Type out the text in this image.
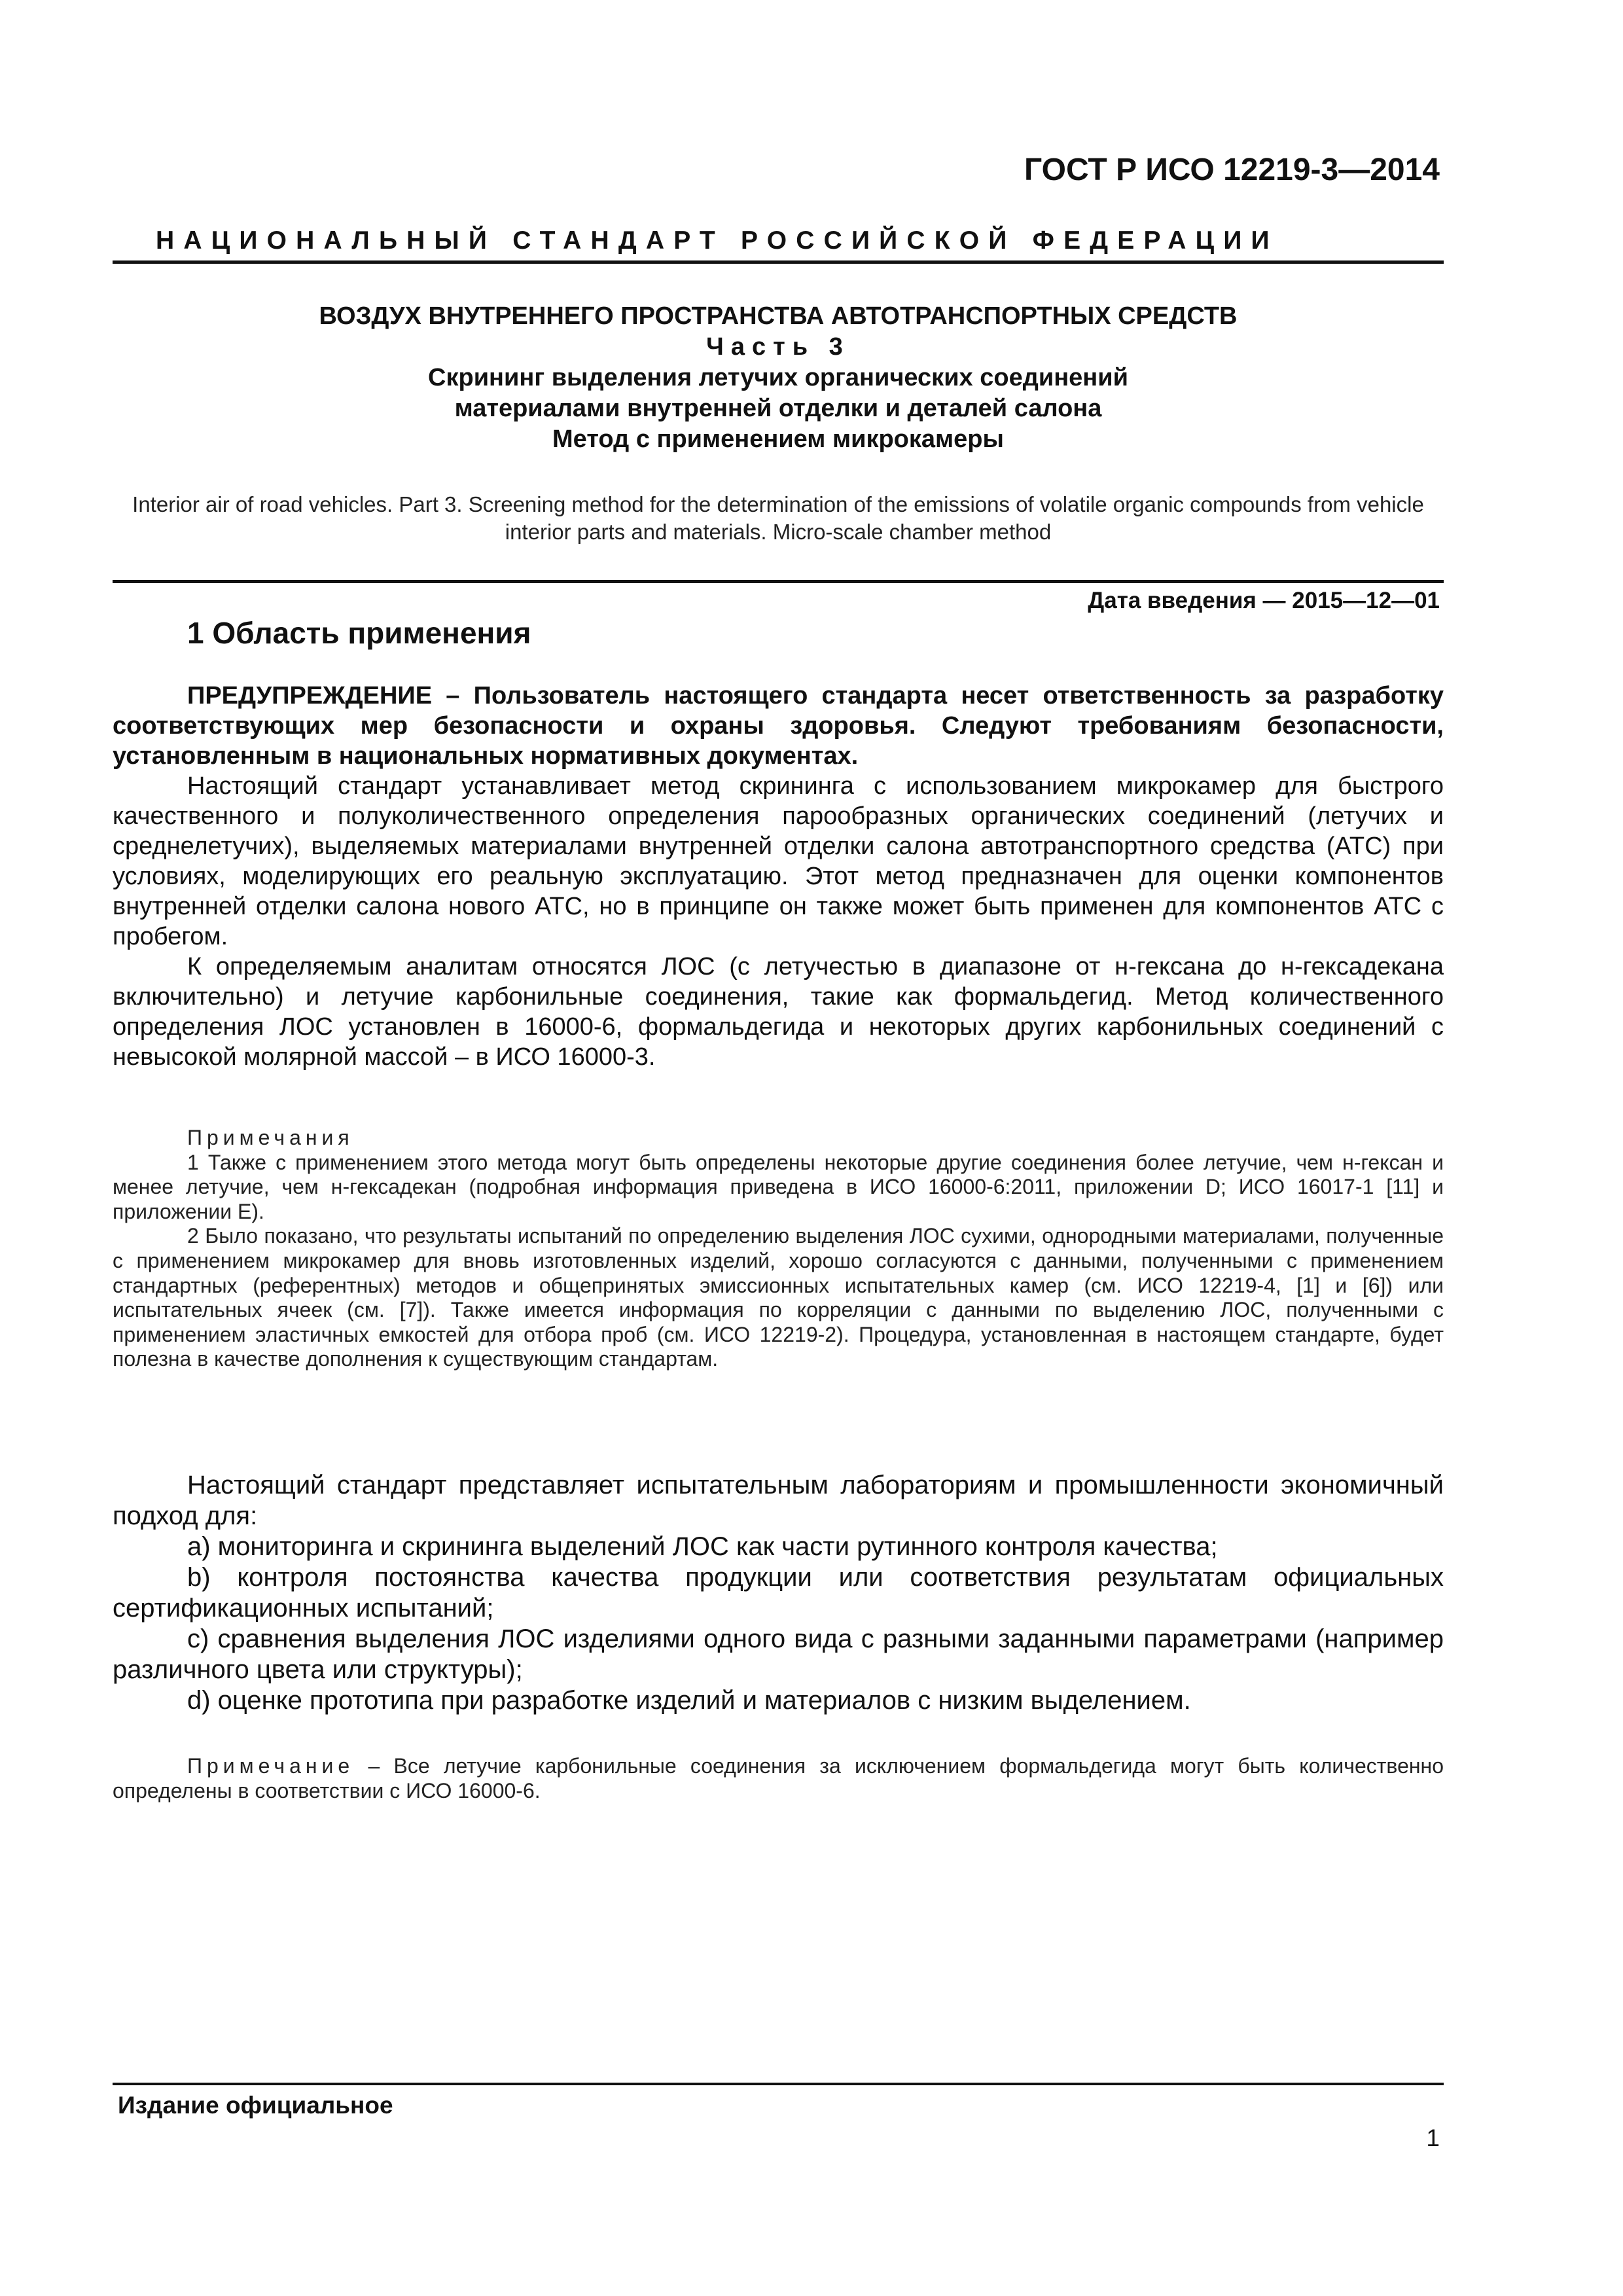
ГОСТ Р ИСО 12219-3—2014
НАЦИОНАЛЬНЫЙ СТАНДАРТ РОССИЙСКОЙ ФЕДЕРАЦИИ
ВОЗДУХ ВНУТРЕННЕГО ПРОСТРАНСТВА АВТОТРАНСПОРТНЫХ СРЕДСТВ
Часть 3
Скрининг выделения летучих органических соединений
материалами внутренней отделки и деталей салона
Метод с применением микрокамеры
Interior air of road vehicles. Part 3. Screening method for the determination of the emissions of volatile organic compounds from vehicle interior parts and materials. Micro-scale chamber method
Дата введения — 2015—12—01
1 Область применения

ПРЕДУПРЕЖДЕНИЕ – Пользователь настоящего стандарта несет ответственность за разработку соответствующих мер безопасности и охраны здоровья. Следуют требованиям безопасности, установленным в национальных нормативных документах.

Настоящий стандарт устанавливает метод скрининга с использованием микрокамер для быстрого качественного и полуколичественного определения парообразных органических соединений (летучих и среднелетучих), выделяемых материалами внутренней отделки салона автотранспортного средства (АТС) при условиях, моделирующих его реальную эксплуатацию. Этот метод предназначен для оценки компонентов внутренней отделки салона нового АТС, но в принципе он также может быть применен для компонентов АТС с пробегом.

К определяемым аналитам относятся ЛОС (с летучестью в диапазоне от н-гексана до н-гексадекана включительно) и летучие карбонильные соединения, такие как формальдегид. Метод количественного определения ЛОС установлен в 16000-6, формальдегида и некоторых других карбонильных соединений с невысокой молярной массой – в ИСО 16000-3.

Примечания

1 Также с применением этого метода могут быть определены некоторые другие соединения более летучие, чем н-гексан и менее летучие, чем н-гексадекан (подробная информация приведена в ИСО 16000-6:2011, приложении D; ИСО 16017-1 [11] и приложении E).

2 Было показано, что результаты испытаний по определению выделения ЛОС сухими, однородными материалами, полученные с применением микрокамер для вновь изготовленных изделий, хорошо согласуются с данными, полученными с применением стандартных (референтных) методов и общепринятых эмиссионных испытательных камер (см. ИСО 12219-4, [1] и [6]) или испытательных ячеек (см. [7]). Также имеется информация по корреляции с данными по выделению ЛОС, полученными с применением эластичных емкостей для отбора проб (см. ИСО 12219-2). Процедура, установленная в настоящем стандарте, будет полезна в качестве дополнения к существующим стандартам.

Настоящий стандарт представляет испытательным лабораториям и промышленности экономичный подход для:

a) мониторинга и скрининга выделений ЛОС как части рутинного контроля качества;

b) контроля постоянства качества продукции или соответствия результатам официальных сертификационных испытаний;

c) сравнения выделения ЛОС изделиями одного вида с разными заданными параметрами (например различного цвета или структуры);

d) оценке прототипа при разработке изделий и материалов с низким выделением.

Примечание – Все летучие карбонильные соединения за исключением формальдегида могут быть количественно определены в соответствии с ИСО 16000-6.

Издание официальное
1
